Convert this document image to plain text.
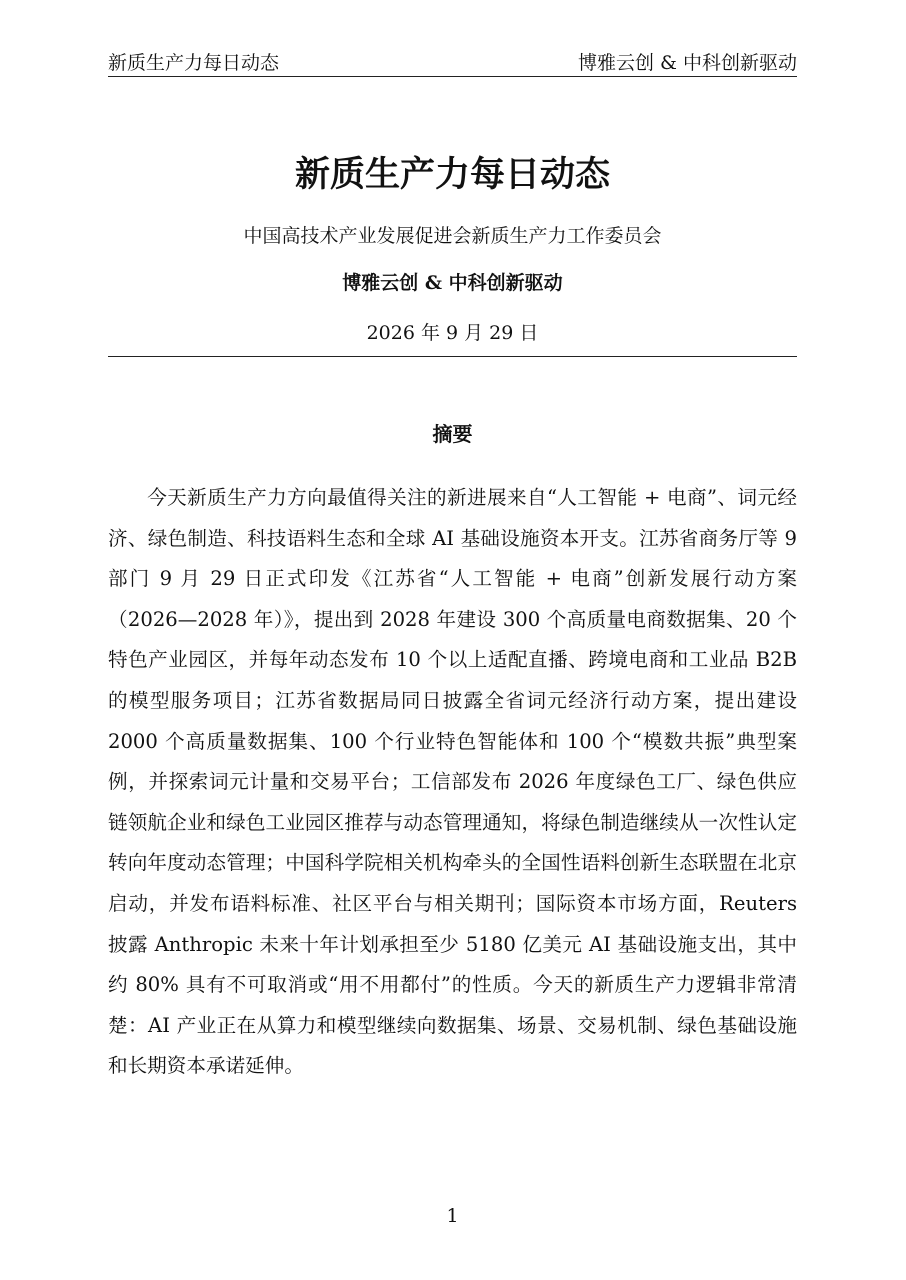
新质生产力每日动态	博雅云创 & 中科创新驱动
新质生产力每日动态
中国高技术产业发展促进会新质生产力工作委员会
博雅云创 & 中科创新驱动
2026 年 9 月 29 日
摘要

今天新质生产力方向最值得关注的新进展来自“人工智能 + 电商”、词元经济、绿色制造、科技语料生态和全球 AI 基础设施资本开支。江苏省商务厅等 9 部门 9 月 29 日正式印发《江苏省“人工智能 + 电商”创新发展行动方案（2026—2028 年）》，提出到 2028 年建设 300 个高质量电商数据集、20 个特色产业园区，并每年动态发布 10 个以上适配直播、跨境电商和工业品 B2B 的模型服务项目；江苏省数据局同日披露全省词元经济行动方案，提出建设 2000 个高质量数据集、100 个行业特色智能体和 100 个“模数共振”典型案例，并探索词元计量和交易平台；工信部发布 2026 年度绿色工厂、绿色供应链领航企业和绿色工业园区推荐与动态管理通知，将绿色制造继续从一次性认定转向年度动态管理；中国科学院相关机构牵头的全国性语料创新生态联盟在北京启动，并发布语料标准、社区平台与相关期刊；国际资本市场方面，Reuters 披露 Anthropic 未来十年计划承担至少 5180 亿美元 AI 基础设施支出，其中约 80% 具有不可取消或“用不用都付”的性质。今天的新质生产力逻辑非常清楚：AI 产业正在从算力和模型继续向数据集、场景、交易机制、绿色基础设施和长期资本承诺延伸。

1
